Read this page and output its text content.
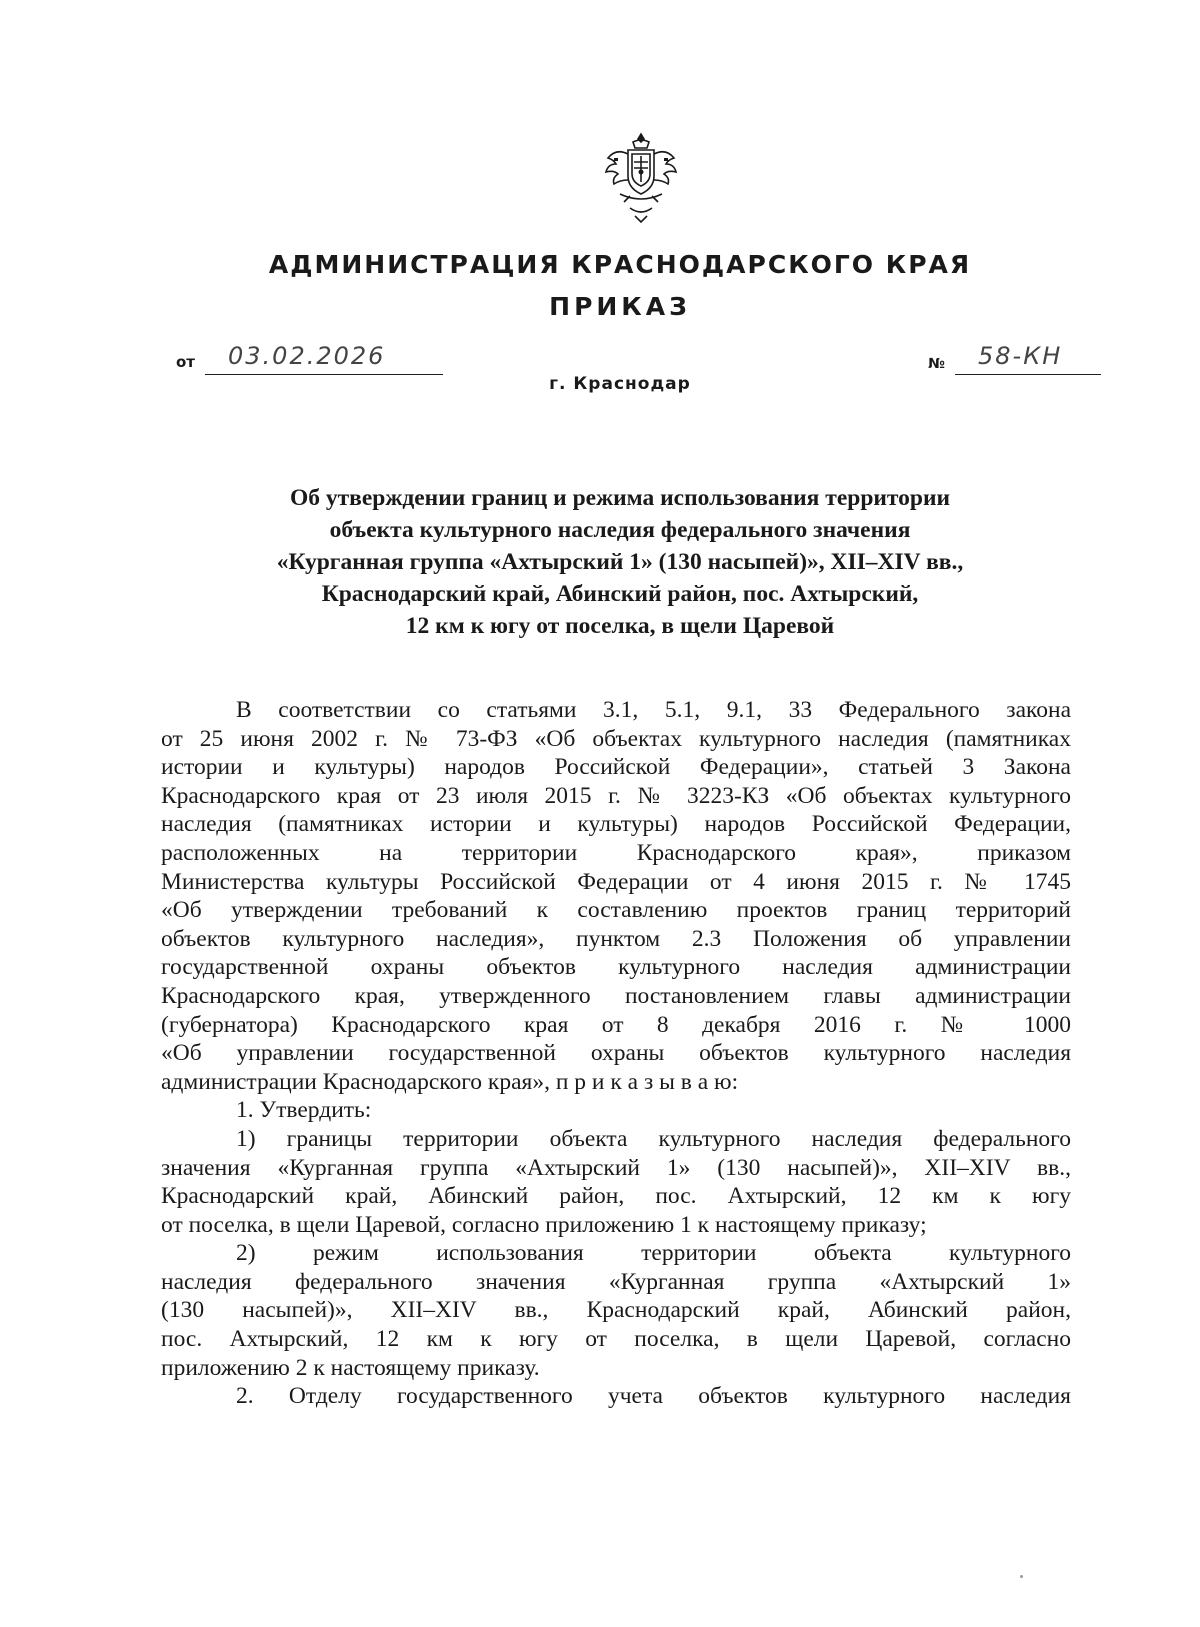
АДМИНИСТРАЦИЯ КРАСНОДАРСКОГО КРАЯ
ПРИКАЗ
от 03.02.2026
г. Краснодар
№ 58-КН
Об утверждении границ и режима использования территории
объекта культурного наследия федерального значения
«Курганная группа «Ахтырский 1» (130 насыпей)», XII–XIV вв.,
Краснодарский край, Абинский район, пос. Ахтырский,
12 км к югу от поселка, в щели Царевой
В соответствии со статьями 3.1, 5.1, 9.1, 33 Федерального закона
от 25 июня 2002 г. № 73-ФЗ «Об объектах культурного наследия (памятниках
истории и культуры) народов Российской Федерации», статьей 3 Закона
Краснодарского края от 23 июля 2015 г. № 3223-КЗ «Об объектах культурного
наследия (памятниках истории и культуры) народов Российской Федерации,
расположенных на территории Краснодарского края», приказом
Министерства культуры Российской Федерации от 4 июня 2015 г. № 1745
«Об утверждении требований к составлению проектов границ территорий
объектов культурного наследия», пунктом 2.3 Положения об управлении
государственной охраны объектов культурного наследия администрации
Краснодарского края, утвержденного постановлением главы администрации
(губернатора) Краснодарского края от 8 декабря 2016 г. № 1000
«Об управлении государственной охраны объектов культурного наследия
администрации Краснодарского края», п р и к а з ы в а ю:
1. Утвердить:
1) границы территории объекта культурного наследия федерального
значения «Курганная группа «Ахтырский 1» (130 насыпей)», XII–XIV вв.,
Краснодарский край, Абинский район, пос. Ахтырский, 12 км к югу
от поселка, в щели Царевой, согласно приложению 1 к настоящему приказу;
2) режим использования территории объекта культурного
наследия федерального значения «Курганная группа «Ахтырский 1»
(130 насыпей)», XII–XIV вв., Краснодарский край, Абинский район,
пос. Ахтырский, 12 км к югу от поселка, в щели Царевой, согласно
приложению 2 к настоящему приказу.
2. Отделу государственного учета объектов культурного наследия
